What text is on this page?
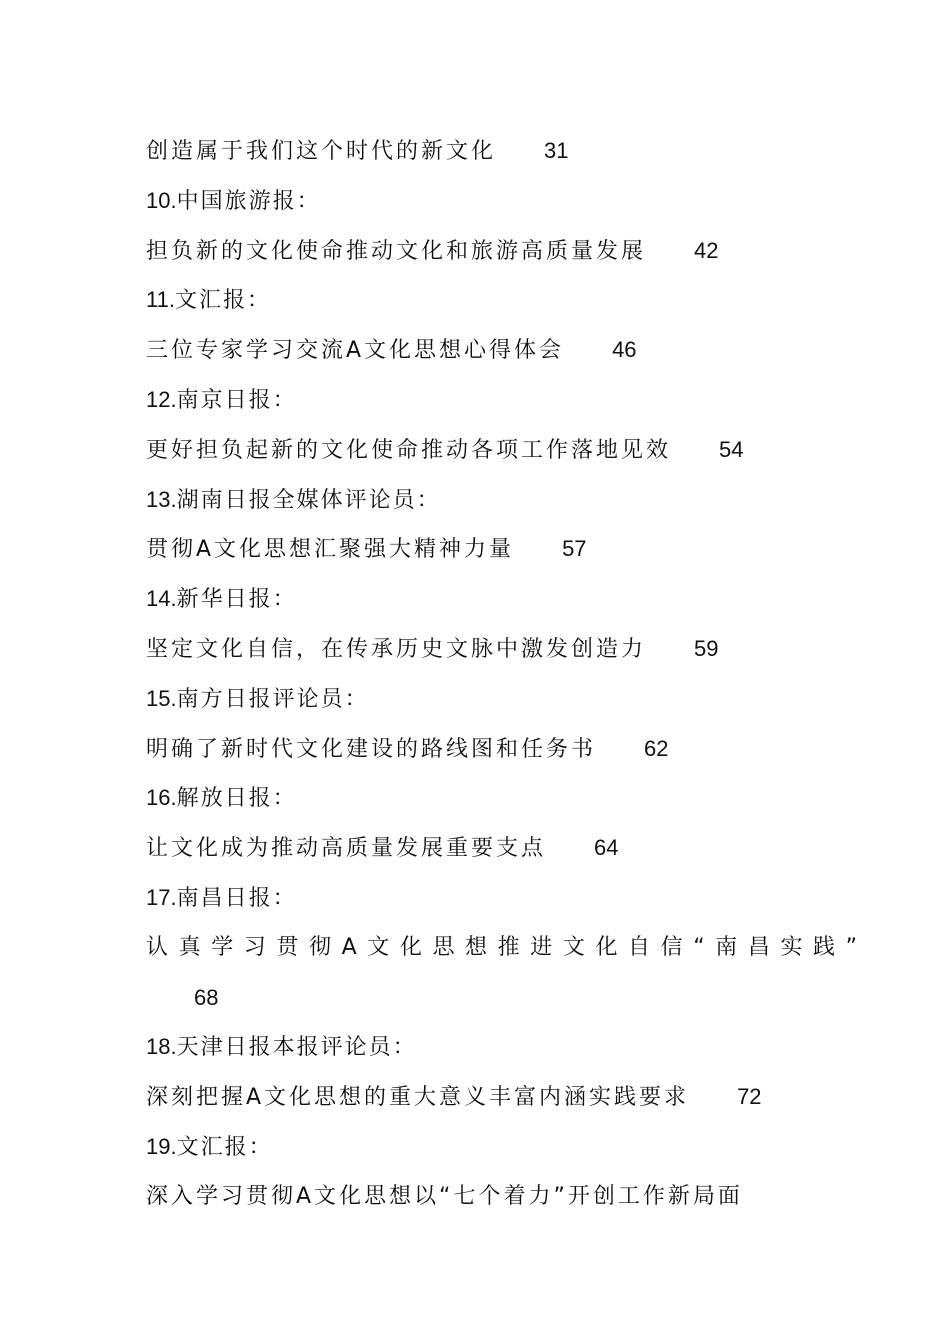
创造属于我们这个时代的新文化 31
10.中国旅游报：
担负新的文化使命推动文化和旅游高质量发展 42
11.文汇报：
三位专家学习交流A文化思想心得体会 46
12.南京日报：
更好担负起新的文化使命推动各项工作落地见效 54
13.湖南日报全媒体评论员：
贯彻A文化思想汇聚强大精神力量 57
14.新华日报：
坚定文化自信，在传承历史文脉中激发创造力 59
15.南方日报评论员：
明确了新时代文化建设的路线图和任务书 62
16.解放日报：
让文化成为推动高质量发展重要支点 64
17.南昌日报：
认真学习贯彻A文化思想推进文化自信“南昌实践”
68
18.天津日报本报评论员：
深刻把握A文化思想的重大意义丰富内涵实践要求 72
19.文汇报：
深入学习贯彻A文化思想以“七个着力”开创工作新局面
